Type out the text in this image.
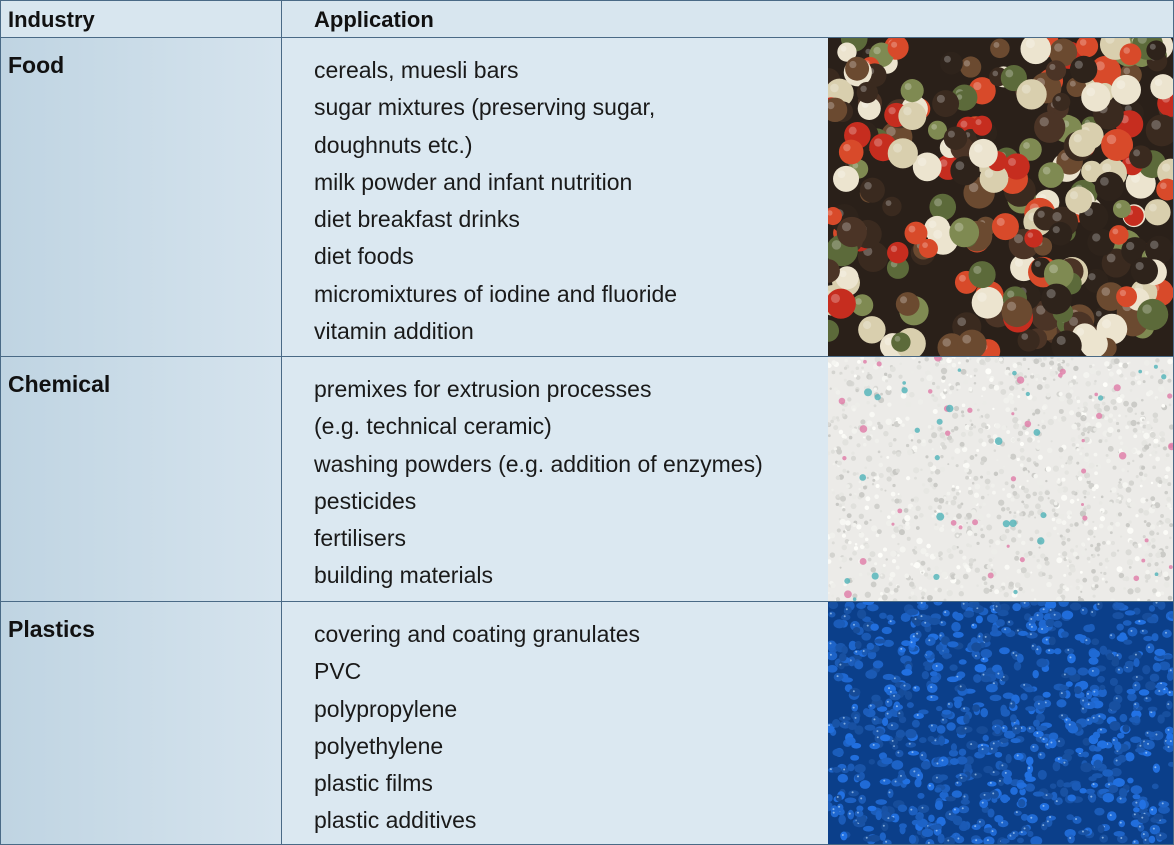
Industry	Application
Food	cereals, muesli bars
sugar mixtures (preserving sugar,
doughnuts etc.)
milk powder and infant nutrition
diet breakfast drinks
diet foods
micromixtures of iodine and fluoride
vitamin addition
Chemical	premixes for extrusion processes
(e.g. technical ceramic)
washing powders (e.g. addition of enzymes)
pesticides
fertilisers
building materials
Plastics	covering and coating granulates
PVC
polypropylene
polyethylene
plastic films
plastic additives
